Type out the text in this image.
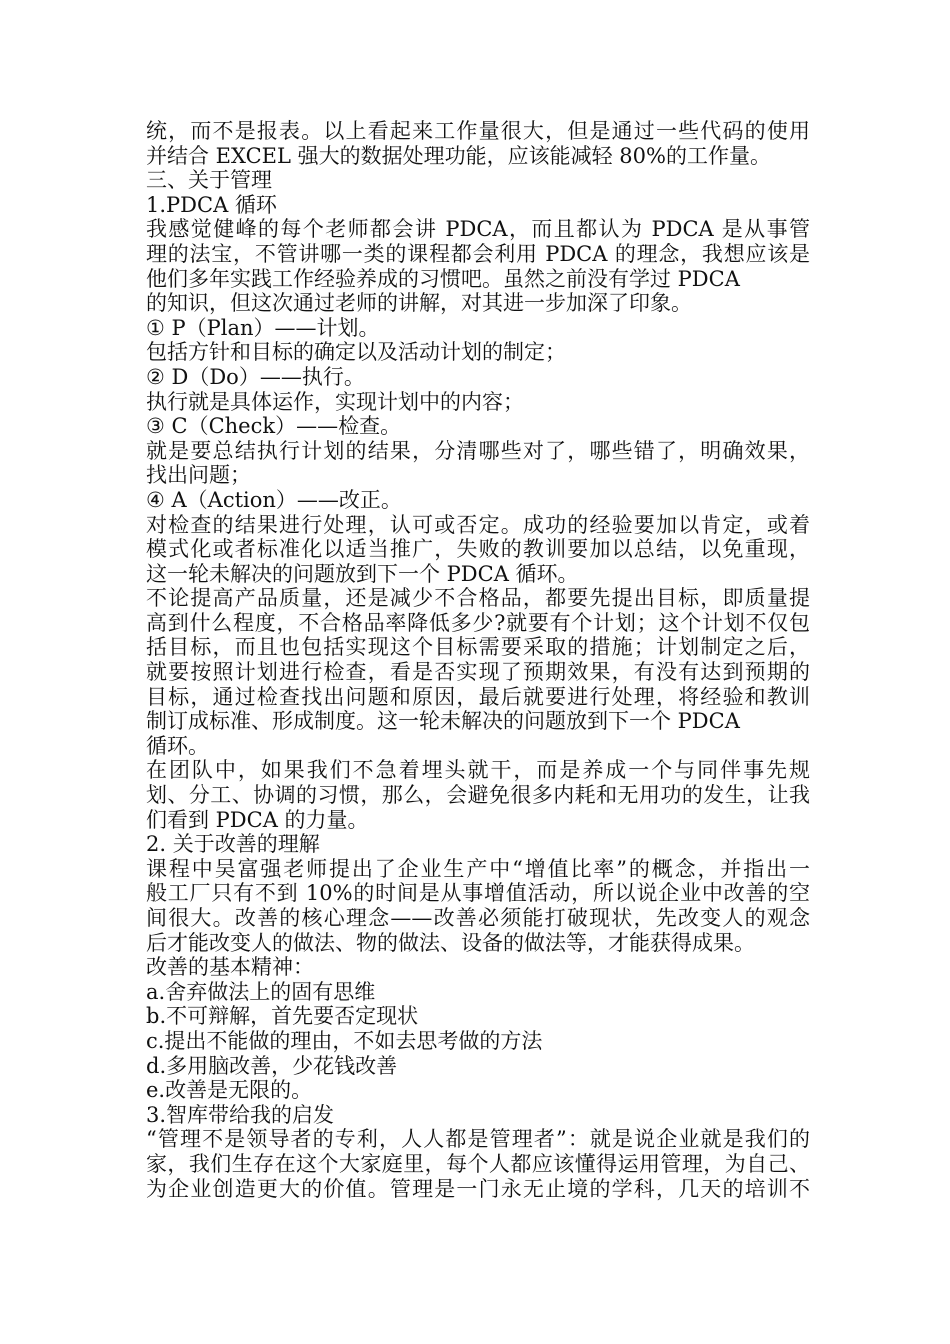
统，而不是报表。以上看起来工作量很大，但是通过一些代码的使用
并结合 EXCEL 强大的数据处理功能，应该能减轻 80%的工作量。
三、关于管理
1.PDCA 循环
我感觉健峰的每个老师都会讲 PDCA，而且都认为 PDCA 是从事管
理的法宝，不管讲哪一类的课程都会利用 PDCA 的理念，我想应该是
他们多年实践工作经验养成的习惯吧。虽然之前没有学过 PDCA
的知识，但这次通过老师的讲解，对其进一步加深了印象。
① P（Plan）——计划。
包括方针和目标的确定以及活动计划的制定；
② D（Do）——执行。
执行就是具体运作，实现计划中的内容；
③ C（Check）——检查。
就是要总结执行计划的结果，分清哪些对了，哪些错了，明确效果，
找出问题；
④ A（Action）——改正。
对检查的结果进行处理，认可或否定。成功的经验要加以肯定，或着
模式化或者标准化以适当推广，失败的教训要加以总结，以免重现，
这一轮未解决的问题放到下一个 PDCA 循环。
不论提高产品质量，还是减少不合格品，都要先提出目标，即质量提
高到什么程度，不合格品率降低多少?就要有个计划；这个计划不仅包
括目标，而且也包括实现这个目标需要采取的措施；计划制定之后，
就要按照计划进行检查，看是否实现了预期效果，有没有达到预期的
目标，通过检查找出问题和原因，最后就要进行处理，将经验和教训
制订成标准、形成制度。这一轮未解决的问题放到下一个 PDCA
循环。
在团队中，如果我们不急着埋头就干，而是养成一个与同伴事先规
划、分工、协调的习惯，那么，会避免很多内耗和无用功的发生，让我
们看到 PDCA 的力量。
2. 关于改善的理解
课程中吴富强老师提出了企业生产中“增值比率”的概念，并指出一
般工厂只有不到 10%的时间是从事增值活动，所以说企业中改善的空
间很大。改善的核心理念——改善必须能打破现状，先改变人的观念
后才能改变人的做法、物的做法、设备的做法等，才能获得成果。
改善的基本精神：
a.舍弃做法上的固有思维
b.不可辩解，首先要否定现状
c.提出不能做的理由，不如去思考做的方法
d.多用脑改善，少花钱改善
e.改善是无限的。
3.智库带给我的启发
“管理不是领导者的专利，人人都是管理者”：就是说企业就是我们的
家，我们生存在这个大家庭里，每个人都应该懂得运用管理，为自己、
为企业创造更大的价值。管理是一门永无止境的学科，几天的培训不
